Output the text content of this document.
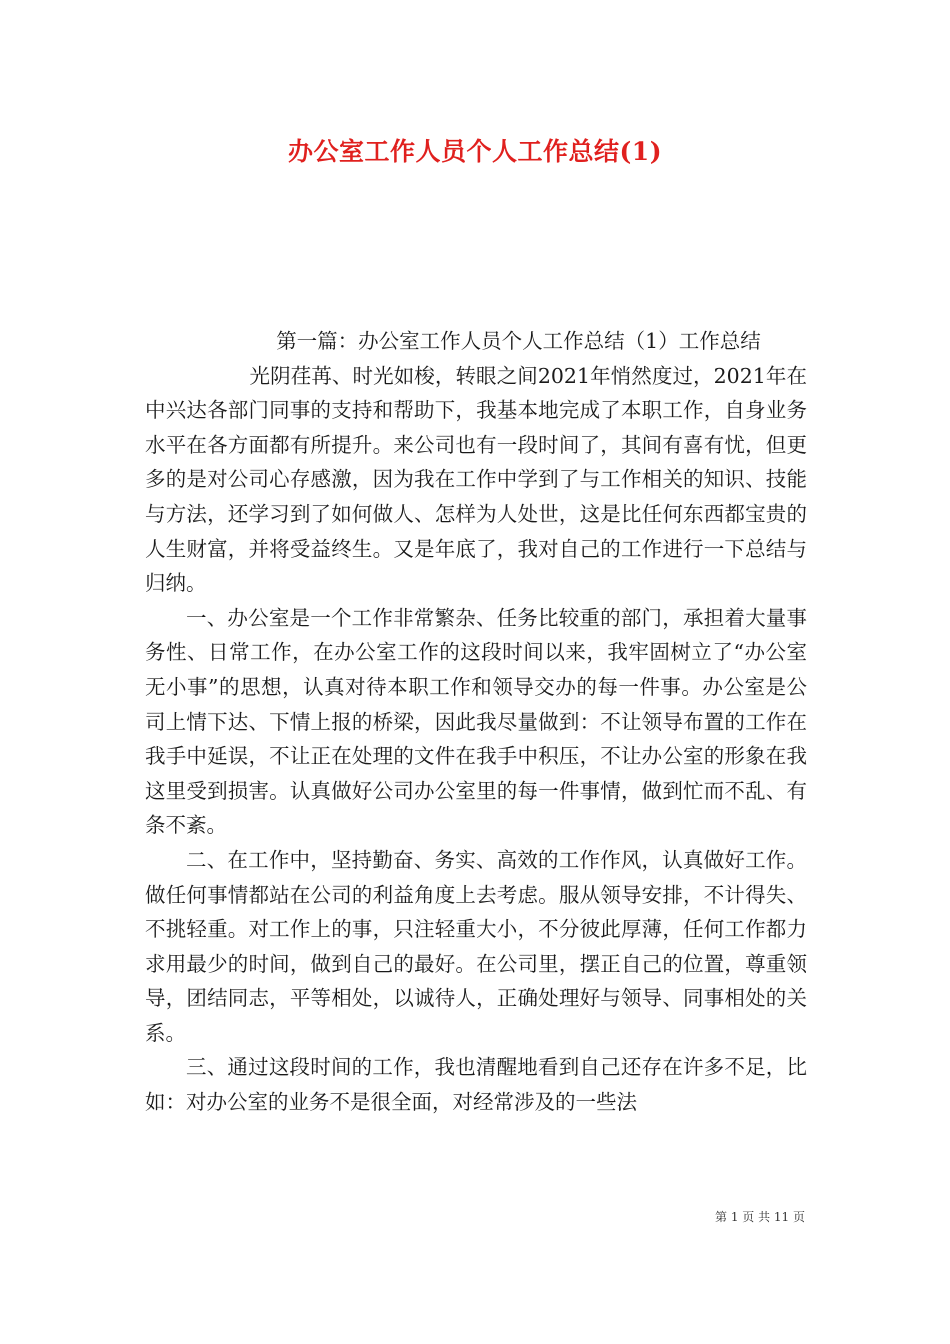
办公室工作人员个人工作总结(1)

第一篇：办公室工作人员个人工作总结（1）工作总结

光阴荏苒、时光如梭，转眼之间2021年悄然度过，2021年在中兴达各部门同事的支持和帮助下，我基本地完成了本职工作，自身业务水平在各方面都有所提升。来公司也有一段时间了，其间有喜有忧，但更多的是对公司心存感激，因为我在工作中学到了与工作相关的知识、技能与方法，还学习到了如何做人、怎样为人处世，这是比任何东西都宝贵的人生财富，并将受益终生。又是年底了，我对自己的工作进行一下总结与归纳。

一、办公室是一个工作非常繁杂、任务比较重的部门，承担着大量事务性、日常工作，在办公室工作的这段时间以来，我牢固树立了“办公室无小事”的思想，认真对待本职工作和领导交办的每一件事。办公室是公司上情下达、下情上报的桥梁，因此我尽量做到：不让领导布置的工作在我手中延误，不让正在处理的文件在我手中积压，不让办公室的形象在我这里受到损害。认真做好公司办公室里的每一件事情，做到忙而不乱、有条不紊。

二、在工作中，坚持勤奋、务实、高效的工作作风，认真做好工作。做任何事情都站在公司的利益角度上去考虑。服从领导安排，不计得失、不挑轻重。对工作上的事，只注轻重大小，不分彼此厚薄，任何工作都力求用最少的时间，做到自己的最好。在公司里，摆正自己的位置，尊重领导，团结同志，平等相处，以诚待人，正确处理好与领导、同事相处的关系。

三、通过这段时间的工作，我也清醒地看到自己还存在许多不足，比如：对办公室的业务不是很全面，对经常涉及的一些法

第 1 页 共 11 页
